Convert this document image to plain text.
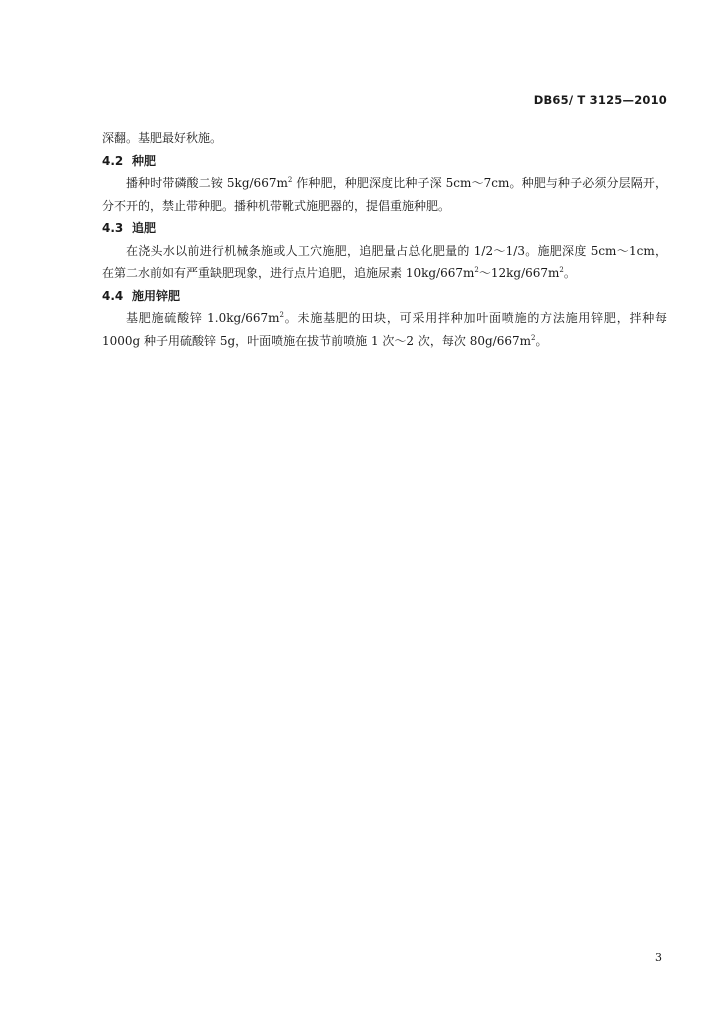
DB65/ T 3125—2010

深翻。基肥最好秋施。

4.2 种肥

播种时带磷酸二铵 $5kg/667m^2$ 作种肥，种肥深度比种子深 5cm～7cm。种肥与种子必须分层隔开，分不开的，禁止带种肥。播种机带靴式施肥器的，提倡重施种肥。

4.3 追肥

在浇头水以前进行机械条施或人工穴施肥，追肥量占总化肥量的 1/2～1/3。施肥深度 5cm～1cm，在第二水前如有严重缺肥现象，进行点片追肥，追施尿素 $10kg/667m^2\sim 12kg/667m^2$。

4.4 施用锌肥

基肥施硫酸锌 $1.0kg/667m^2$。未施基肥的田块，可采用拌种加叶面喷施的方法施用锌肥，拌种每 1000g 种子用硫酸锌 5g，叶面喷施在拔节前喷施 1 次～2 次，每次 $80g/667m^2$。

3
